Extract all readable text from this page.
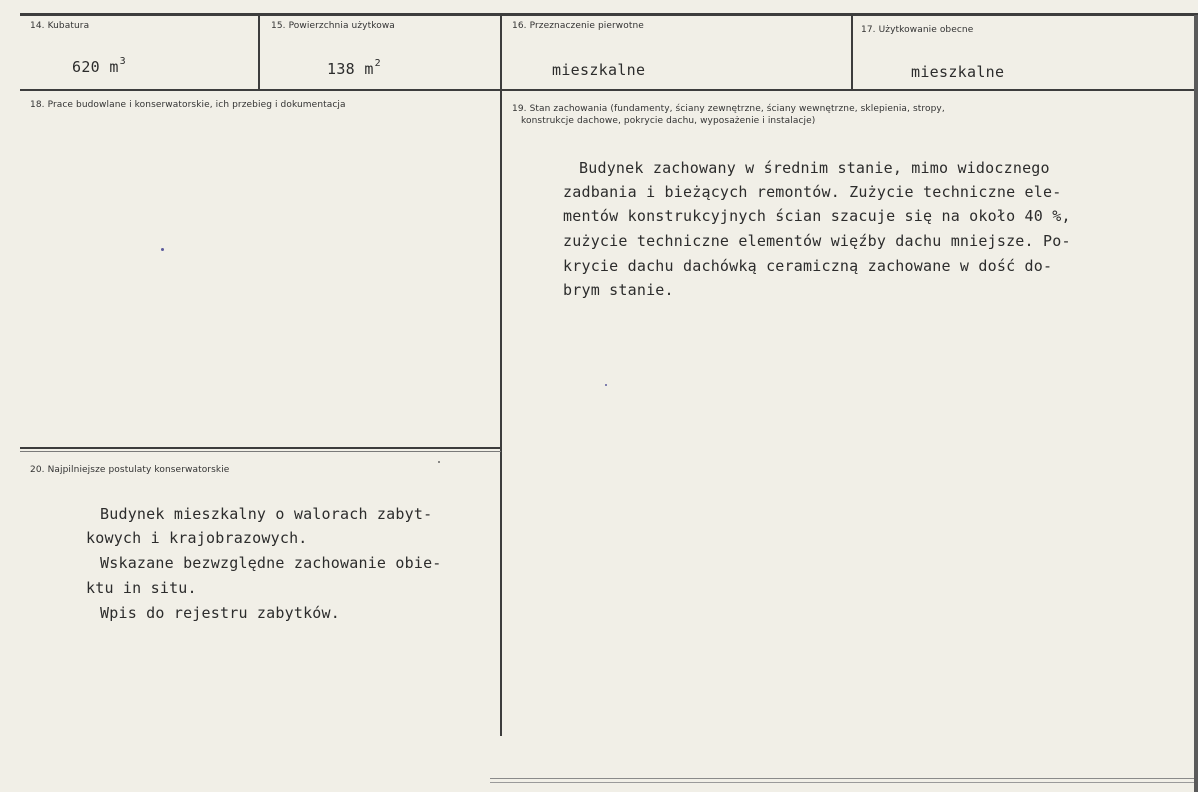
14. Kubatura
620 $m^3$
15. Powierzchnia użytkowa
138 $m^2$
16. Przeznaczenie pierwotne
mieszkalne
17. Użytkowanie obecne
mieszkalne
18. Prace budowlane i konserwatorskie, ich przebieg i dokumentacja	19. Stan zachowania (fundamenty, ściany zewnętrzne, ściany wewnętrzne, sklepienia, stropy,
konstrukcje dachowe, pokrycie dachu, wyposażenie i instalacje)
Budynek zachowany w średnim stanie, mimo widocznego
zadbania i bieżących remontów. Zużycie techniczne ele-
mentów konstrukcyjnych ścian szacuje się na około 40 %,
zużycie techniczne elementów więźby dachu mniejsze. Po-
krycie dachu dachówką ceramiczną zachowane w dość do-
brym stanie.
20. Najpilniejsze postulaty konserwatorskie
Budynek mieszkalny o walorach zabyt-
kowych i krajobrazowych.
Wskazane bezwzględne zachowanie obie-
ktu in situ.
Wpis do rejestru zabytków.
